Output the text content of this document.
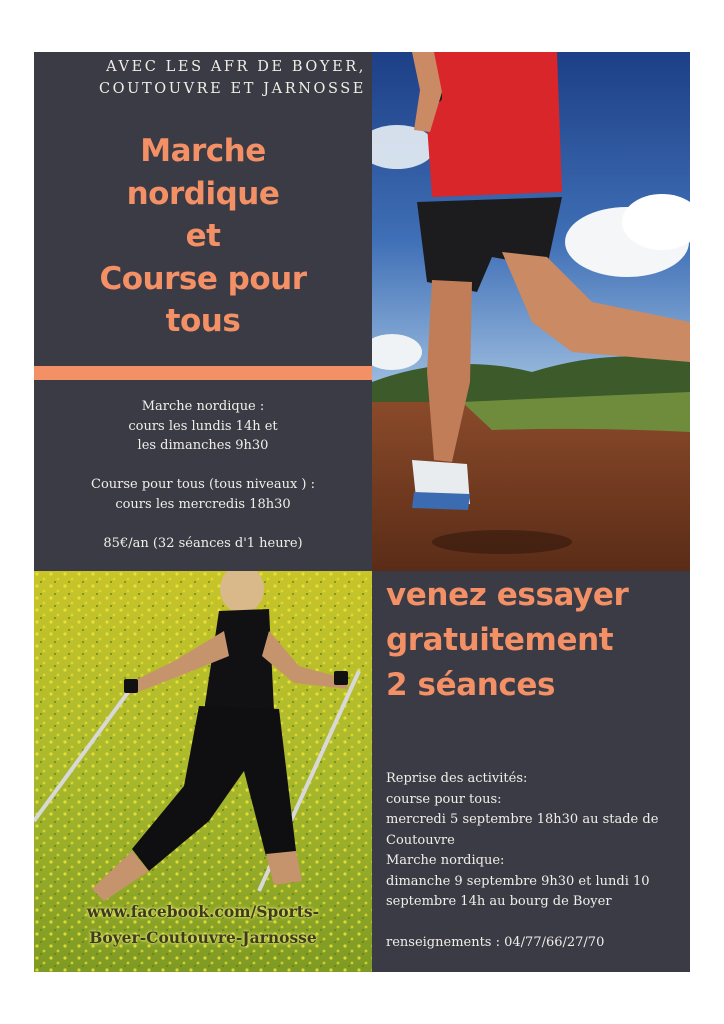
AVEC LES AFR DE BOYER,
COUTOUVRE ET JARNOSSE
Marche
nordique
et
Course pour
tous

Marche nordique :

cours les lundis 14h et

les dimanches 9h30

Course pour tous (tous niveaux ) :

cours les mercredis 18h30

85€/an (32 séances d'1 heure)

www.facebook.com/Sports-
Boyer-Coutouvre-Jarnosse
venez essayer
gratuitement
2 séances

Reprise des activités:

course pour tous:

mercredi 5 septembre 18h30 au stade de

Coutouvre

Marche nordique:

dimanche 9 septembre 9h30 et lundi 10

septembre 14h au bourg de Boyer

renseignements : 04/77/66/27/70
